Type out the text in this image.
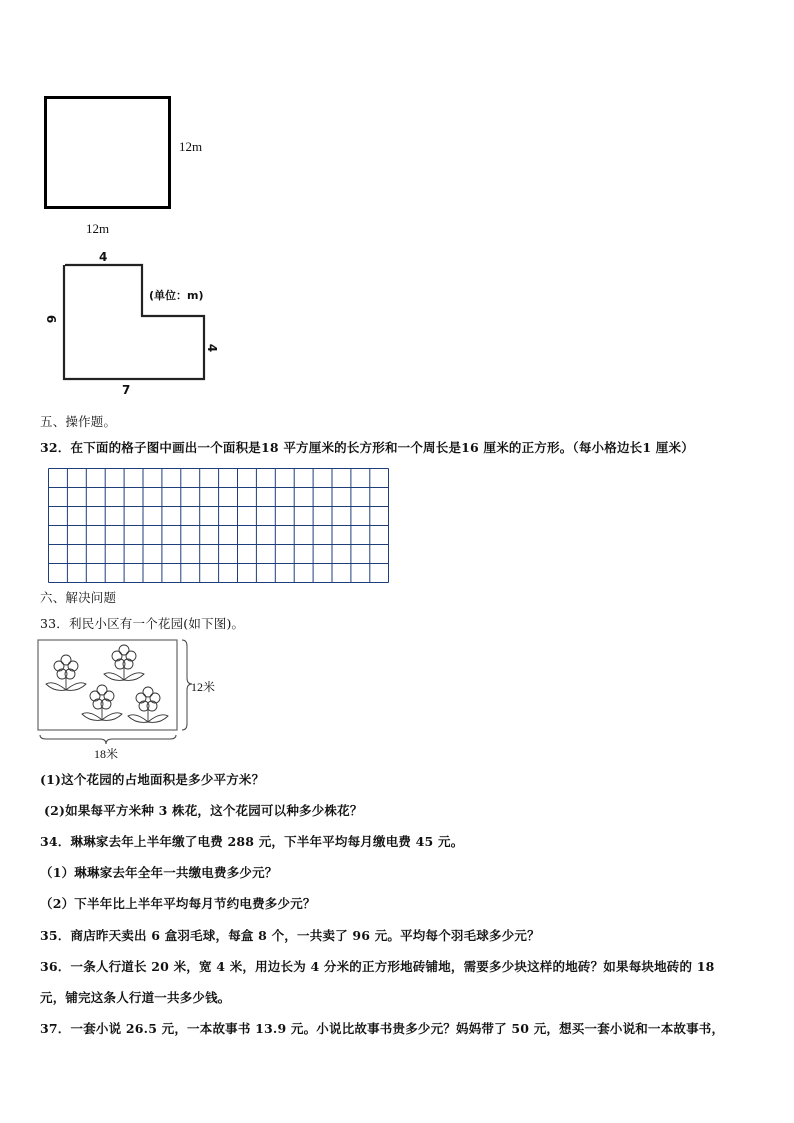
12m
12m
4
6
4
7
(单位：m)
五、操作题。
32．在下面的格子图中画出一个面积是18 平方厘米的长方形和一个周长是16 厘米的正方形。（每小格边长1 厘米）
六、解决问题
33．利民小区有一个花园(如下图)。
12米
18米
(1)这个花园的占地面积是多少平方米？
(2)如果每平方米种 3 株花，这个花园可以种多少株花？
34．琳琳家去年上半年缴了电费 288 元，下半年平均每月缴电费 45 元。
（1）琳琳家去年全年一共缴电费多少元？
（2）下半年比上半年平均每月节约电费多少元？
35．商店昨天卖出 6 盒羽毛球，每盒 8 个，一共卖了 96 元。平均每个羽毛球多少元？
36．一条人行道长 20 米，宽 4 米，用边长为 4 分米的正方形地砖铺地，需要多少块这样的地砖？如果每块地砖的 18
元，铺完这条人行道一共多少钱。
37．一套小说 26.5 元，一本故事书 13.9 元。小说比故事书贵多少元？妈妈带了 50 元，想买一套小说和一本故事书，
